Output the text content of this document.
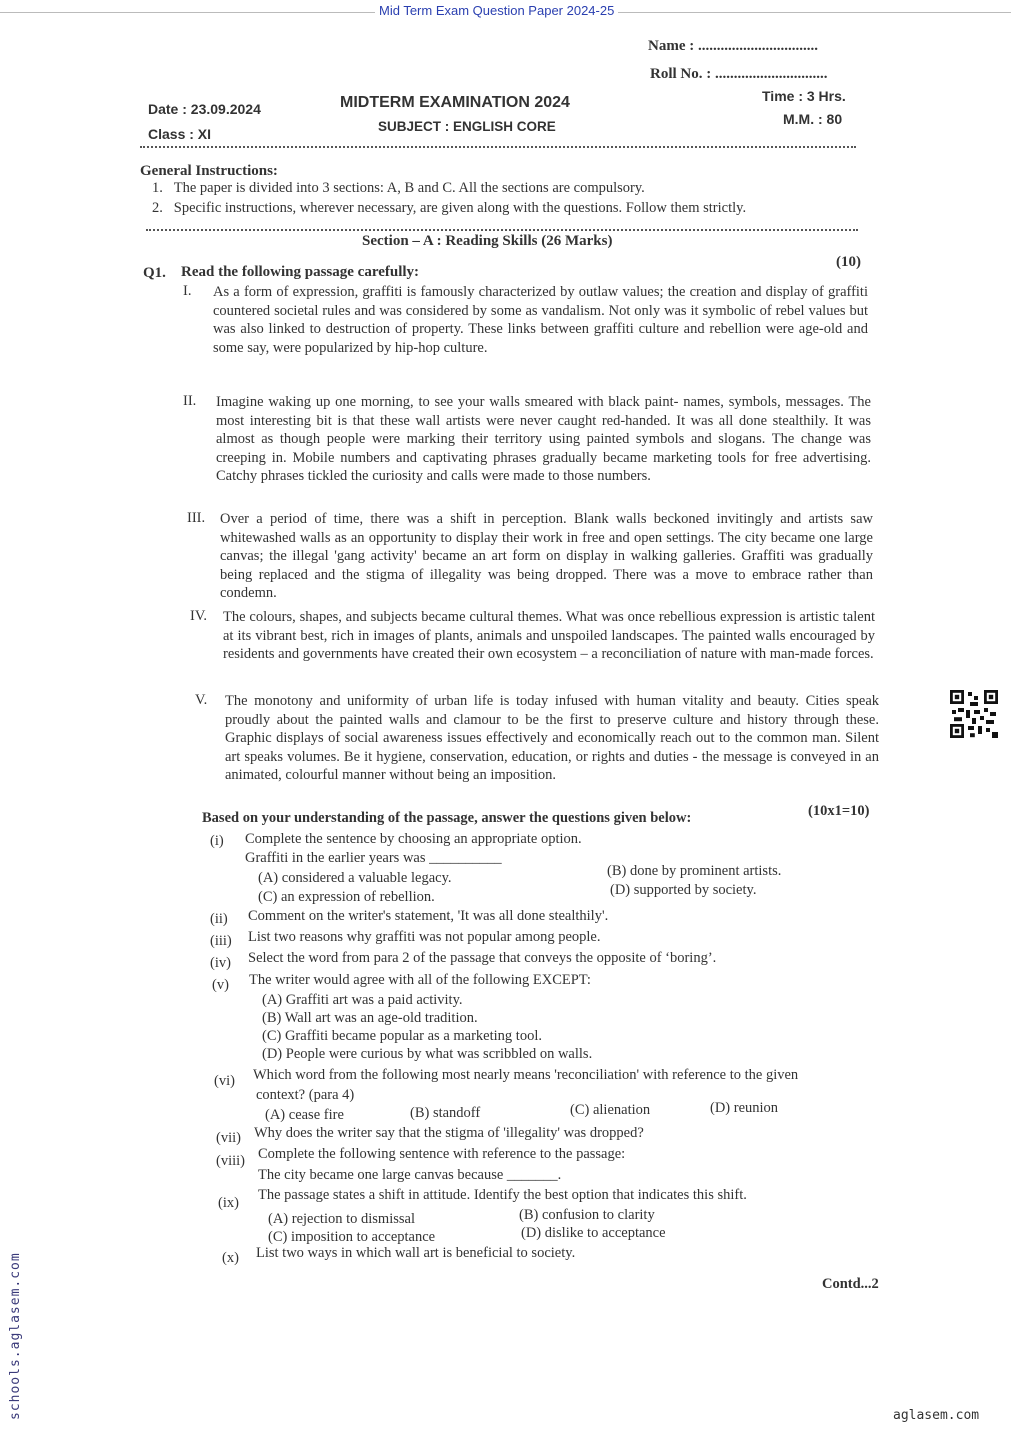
Mid Term Exam Question Paper 2024-25
Name : ................................
Roll No. : ..............................
Date : 23.09.2024
Class : XI
MIDTERM EXAMINATION 2024
SUBJECT : ENGLISH CORE
Time : 3 Hrs.
M.M. : 80
General Instructions:
1. The paper is divided into 3 sections: A, B and C. All the sections are compulsory.
2. Specific instructions, wherever necessary, are given along with the questions. Follow them strictly.
Section – A : Reading Skills (26 Marks)
Q1. Read the following passage carefully:
(10)
I. As a form of expression, graffiti is famously characterized by outlaw values; the creation and display of graffiti countered societal rules and was considered by some as vandalism. Not only was it symbolic of rebel values but was also linked to destruction of property. These links between graffiti culture and rebellion were age-old and some say, were popularized by hip-hop culture.
II. Imagine waking up one morning, to see your walls smeared with black paint- names, symbols, messages. The most interesting bit is that these wall artists were never caught red-handed. It was all done stealthily. It was almost as though people were marking their territory using painted symbols and slogans. The change was creeping in. Mobile numbers and captivating phrases gradually became marketing tools for free advertising. Catchy phrases tickled the curiosity and calls were made to those numbers.
III. Over a period of time, there was a shift in perception. Blank walls beckoned invitingly and artists saw whitewashed walls as an opportunity to display their work in free and open settings. The city became one large canvas; the illegal 'gang activity' became an art form on display in walking galleries. Graffiti was gradually being replaced and the stigma of illegality was being dropped. There was a move to embrace rather than condemn.
IV. The colours, shapes, and subjects became cultural themes. What was once rebellious expression is artistic talent at its vibrant best, rich in images of plants, animals and unspoiled landscapes. The painted walls encouraged by residents and governments have created their own ecosystem – a reconciliation of nature with man-made forces.
V. The monotony and uniformity of urban life is today infused with human vitality and beauty. Cities speak proudly about the painted walls and clamour to be the first to preserve culture and history through these. Graphic displays of social awareness issues effectively and economically reach out to the common man. Silent art speaks volumes. Be it hygiene, conservation, education, or rights and duties - the message is conveyed in an animated, colourful manner without being an imposition.
Based on your understanding of the passage, answer the questions given below:	(10x1=10)
(i) Complete the sentence by choosing an appropriate option.
Graffiti in the earlier years was __________
(A) considered a valuable legacy.	(B) done by prominent artists.
(C) an expression of rebellion.	(D) supported by society.
(ii) Comment on the writer's statement, 'It was all done stealthily'.
(iii) List two reasons why graffiti was not popular among people.
(iv) Select the word from para 2 of the passage that conveys the opposite of ‘boring’.
(v) The writer would agree with all of the following EXCEPT:
(A) Graffiti art was a paid activity.
(B) Wall art was an age-old tradition.
(C) Graffiti became popular as a marketing tool.
(D) People were curious by what was scribbled on walls.
(vi) Which word from the following most nearly means 'reconciliation' with reference to the given
context? (para 4)
(A) cease fire	(B) standoff	(C) alienation	(D) reunion
(vii) Why does the writer say that the stigma of 'illegality' was dropped?
(viii) Complete the following sentence with reference to the passage:
The city became one large canvas because _______.
(ix) The passage states a shift in attitude. Identify the best option that indicates this shift.
(A) rejection to dismissal	(B) confusion to clarity
(C) imposition to acceptance	(D) dislike to acceptance
(x) List two ways in which wall art is beneficial to society.
Contd...2
schools.aglasem.com	aglasem.com
